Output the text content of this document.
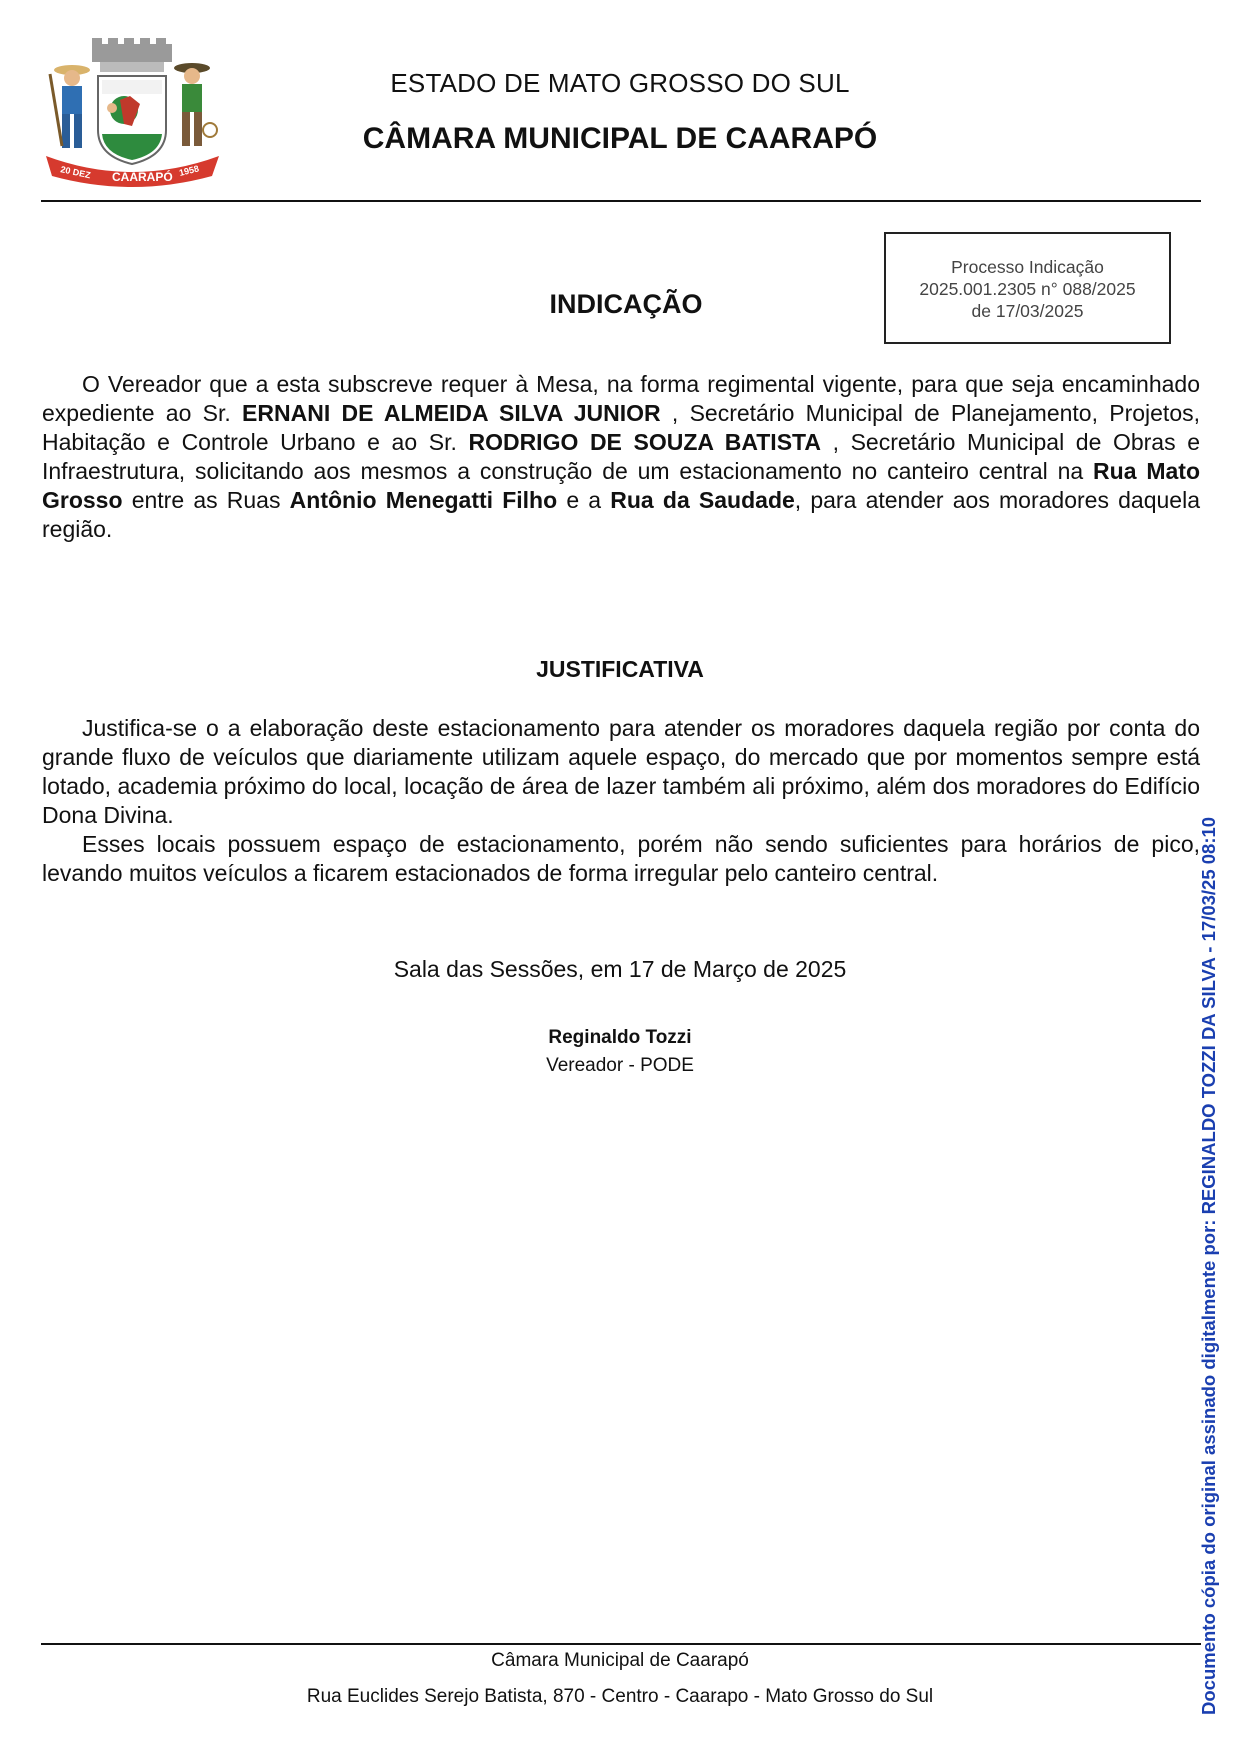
20 DEZ CAARAPÓ 1958
ESTADO DE MATO GROSSO DO SUL
CÂMARA MUNICIPAL DE CAARAPÓ
Processo Indicação
2025.001.2305 n° 088/2025
de 17/03/2025
INDICAÇÃO

O Vereador que a esta subscreve requer à Mesa, na forma regimental vigente, para que seja encaminhado expediente ao Sr. ERNANI DE ALMEIDA SILVA JUNIOR , Secretário Municipal de Planejamento, Projetos, Habitação e Controle Urbano e ao Sr. RODRIGO DE SOUZA BATISTA , Secretário Municipal de Obras e Infraestrutura, solicitando aos mesmos a construção de um estacionamento no canteiro central na Rua Mato Grosso entre as Ruas Antônio Menegatti Filho e a Rua da Saudade, para atender aos moradores daquela região.

JUSTIFICATIVA

Justifica-se o a elaboração deste estacionamento para atender os moradores daquela região por conta do grande fluxo de veículos que diariamente utilizam aquele espaço, do mercado que por momentos sempre está lotado, academia próximo do local, locação de área de lazer também ali próximo, além dos moradores do Edifício Dona Divina.

Esses locais possuem espaço de estacionamento, porém não sendo suficientes para horários de pico, levando muitos veículos a ficarem estacionados de forma irregular pelo canteiro central.

Sala das Sessões, em 17 de Março de 2025
Reginaldo Tozzi
Vereador - PODE
Câmara Municipal de Caarapó
Rua Euclides Serejo Batista, 870 - Centro - Caarapo - Mato Grosso do Sul	Documento cópia do original assinado digitalmente por: REGINALDO TOZZI DA SILVA - 17/03/25 08:10
